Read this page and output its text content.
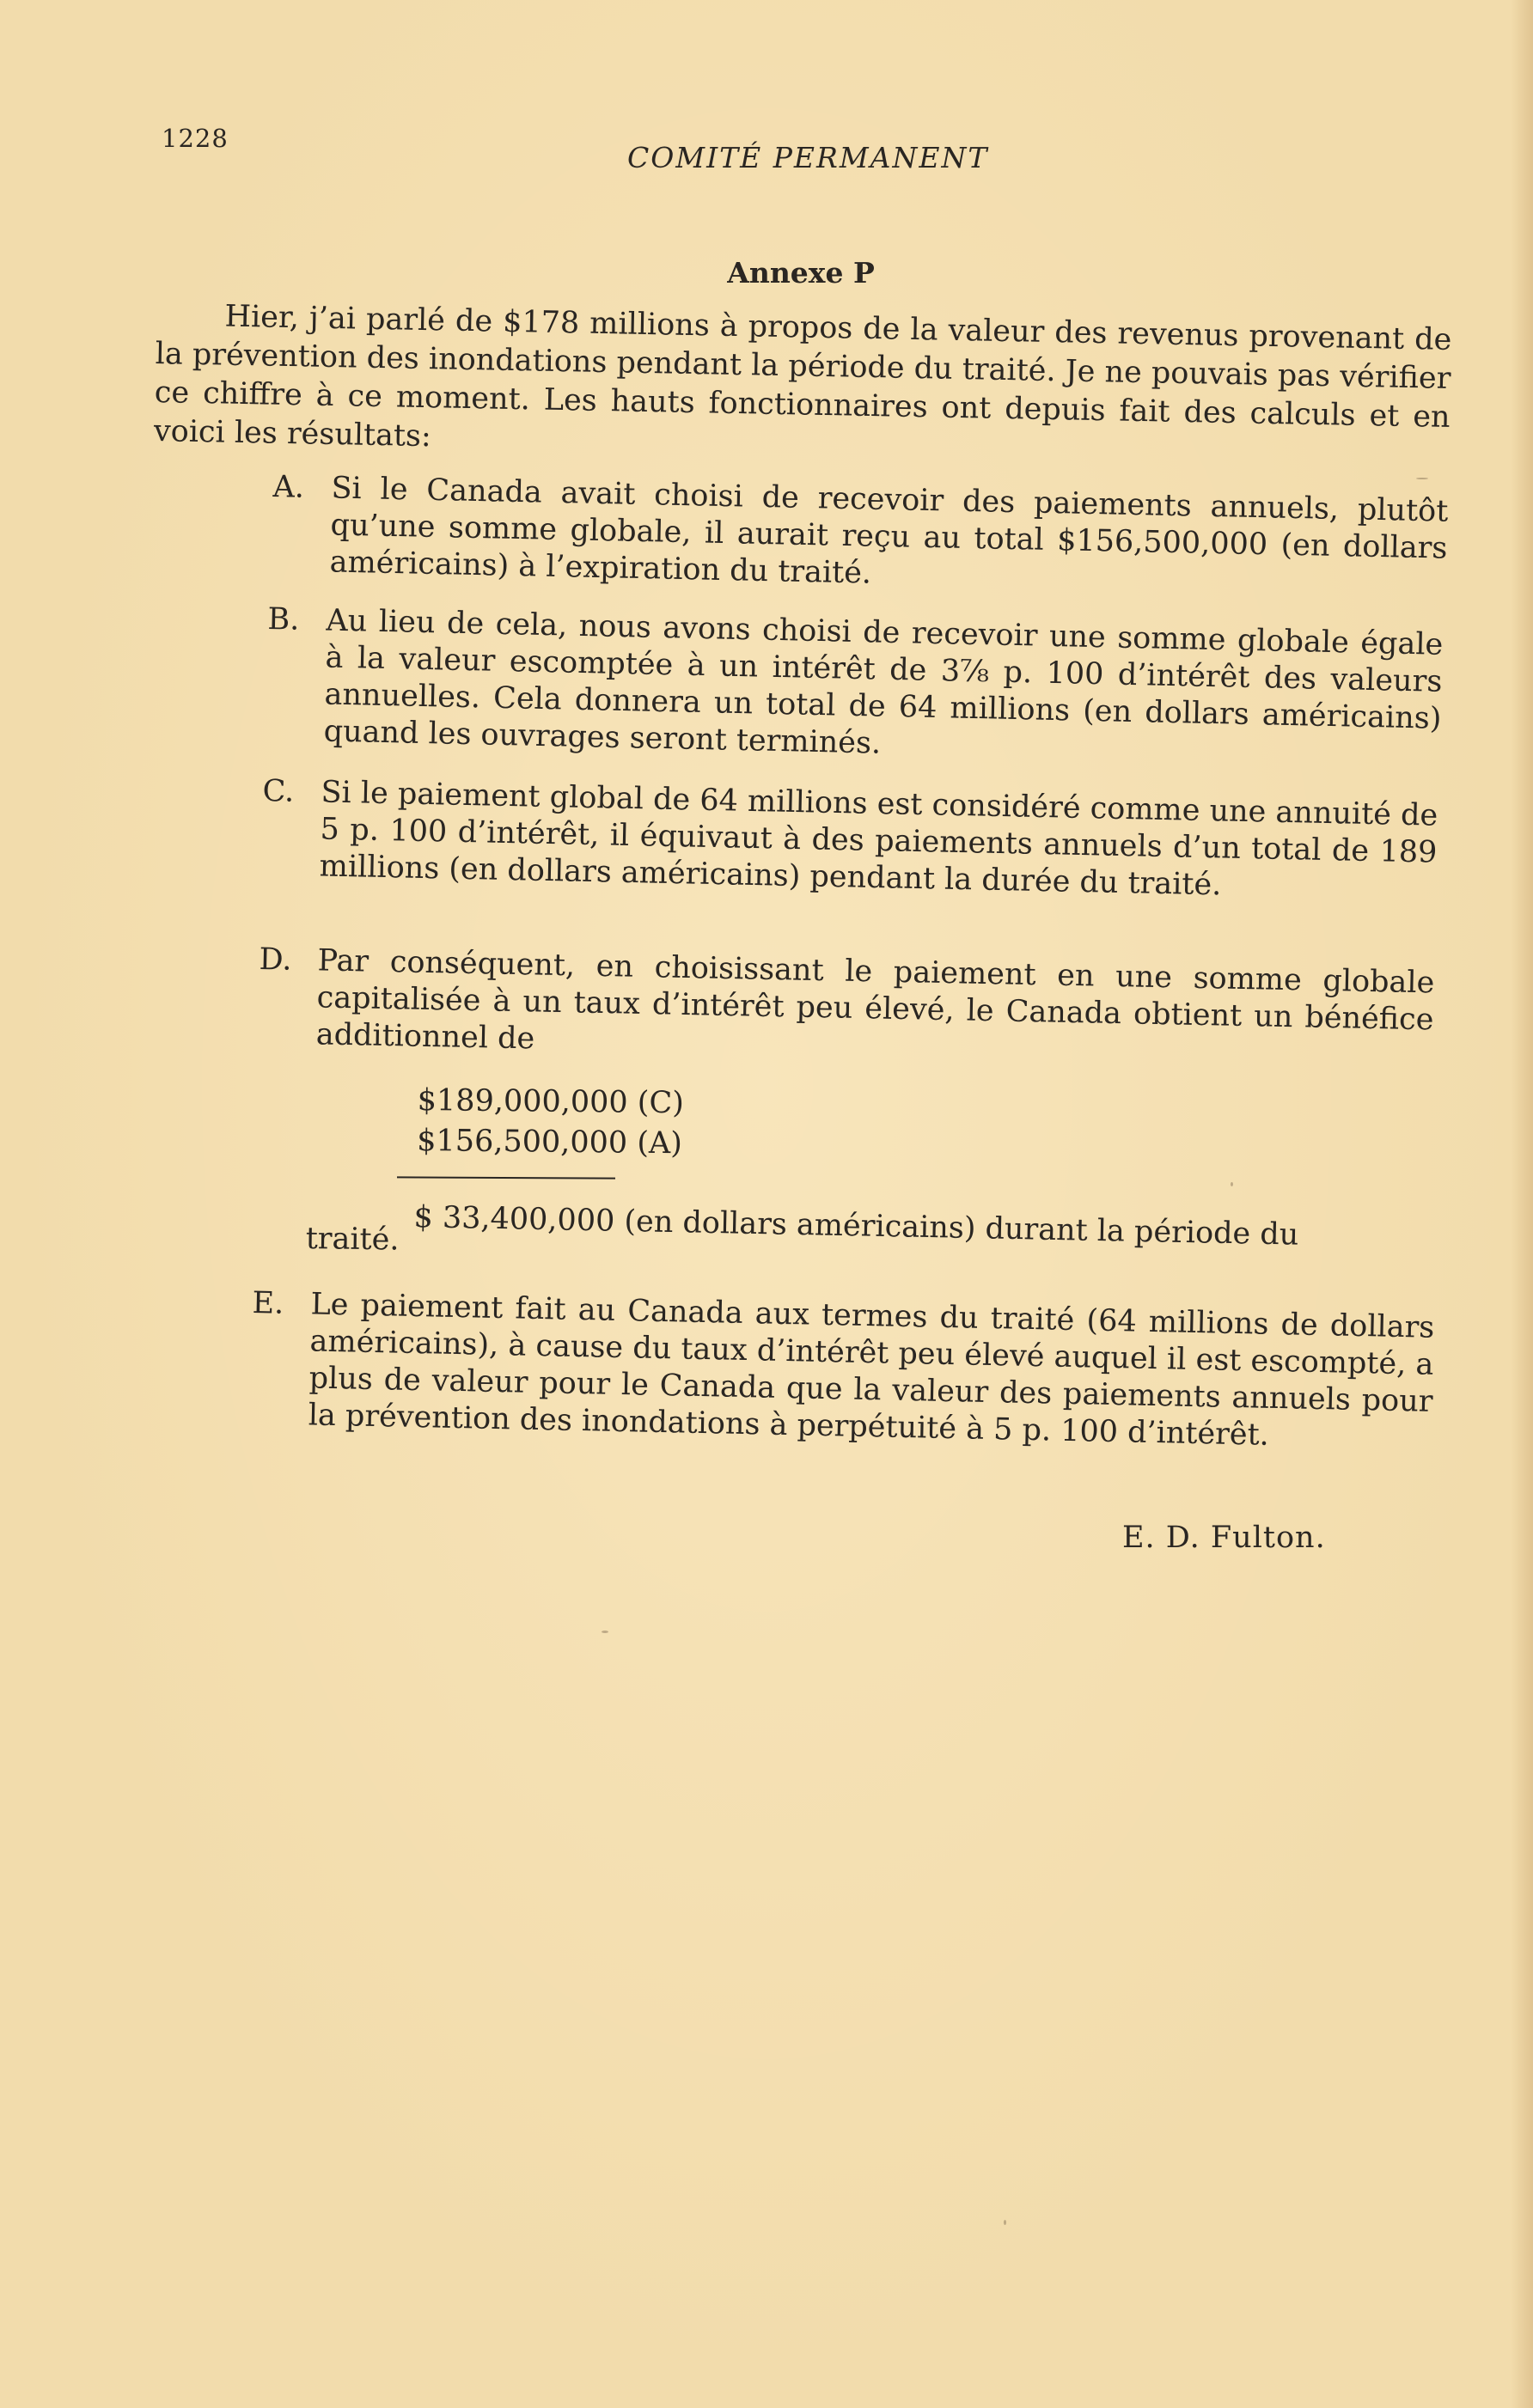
1228
COMITÉ PERMANENT
Annexe P
Hier, j’ai parlé de $178 millions à propos de la valeur des revenus provenant de la prévention des inondations pendant la période du traité. Je ne pouvais pas vérifier ce chiffre à ce moment. Les hauts fonctionnaires ont depuis fait des calculs et en voici les résultats:
A. Si le Canada avait choisi de recevoir des paiements annuels, plutôt qu’une somme globale, il aurait reçu au total $156,500,000 (en dollars américains) à l’expiration du traité.
B. Au lieu de cela, nous avons choisi de recevoir une somme globale égale à la valeur escomptée à un intérêt de 3⅞ p. 100 d’intérêt des valeurs annuelles. Cela donnera un total de 64 millions (en dollars américains) quand les ouvrages seront terminés.
C. Si le paiement global de 64 millions est considéré comme une annuité de 5 p. 100 d’intérêt, il équivaut à des paiements annuels d’un total de 189 millions (en dollars américains) pendant la durée du traité.
D. Par conséquent, en choisissant le paiement en une somme globale capitalisée à un taux d’intérêt peu élevé, le Canada obtient un bénéfice additionnel de
$189,000,000 (C)
$156,500,000 (A)
$ 33,400,000 (en dollars américains) durant la période du
traité.
E. Le paiement fait au Canada aux termes du traité (64 millions de dollars américains), à cause du taux d’intérêt peu élevé auquel il est escompté, a plus de valeur pour le Canada que la valeur des paiements annuels pour la prévention des inondations à perpétuité à 5 p. 100 d’intérêt.
E. D. Fulton.
